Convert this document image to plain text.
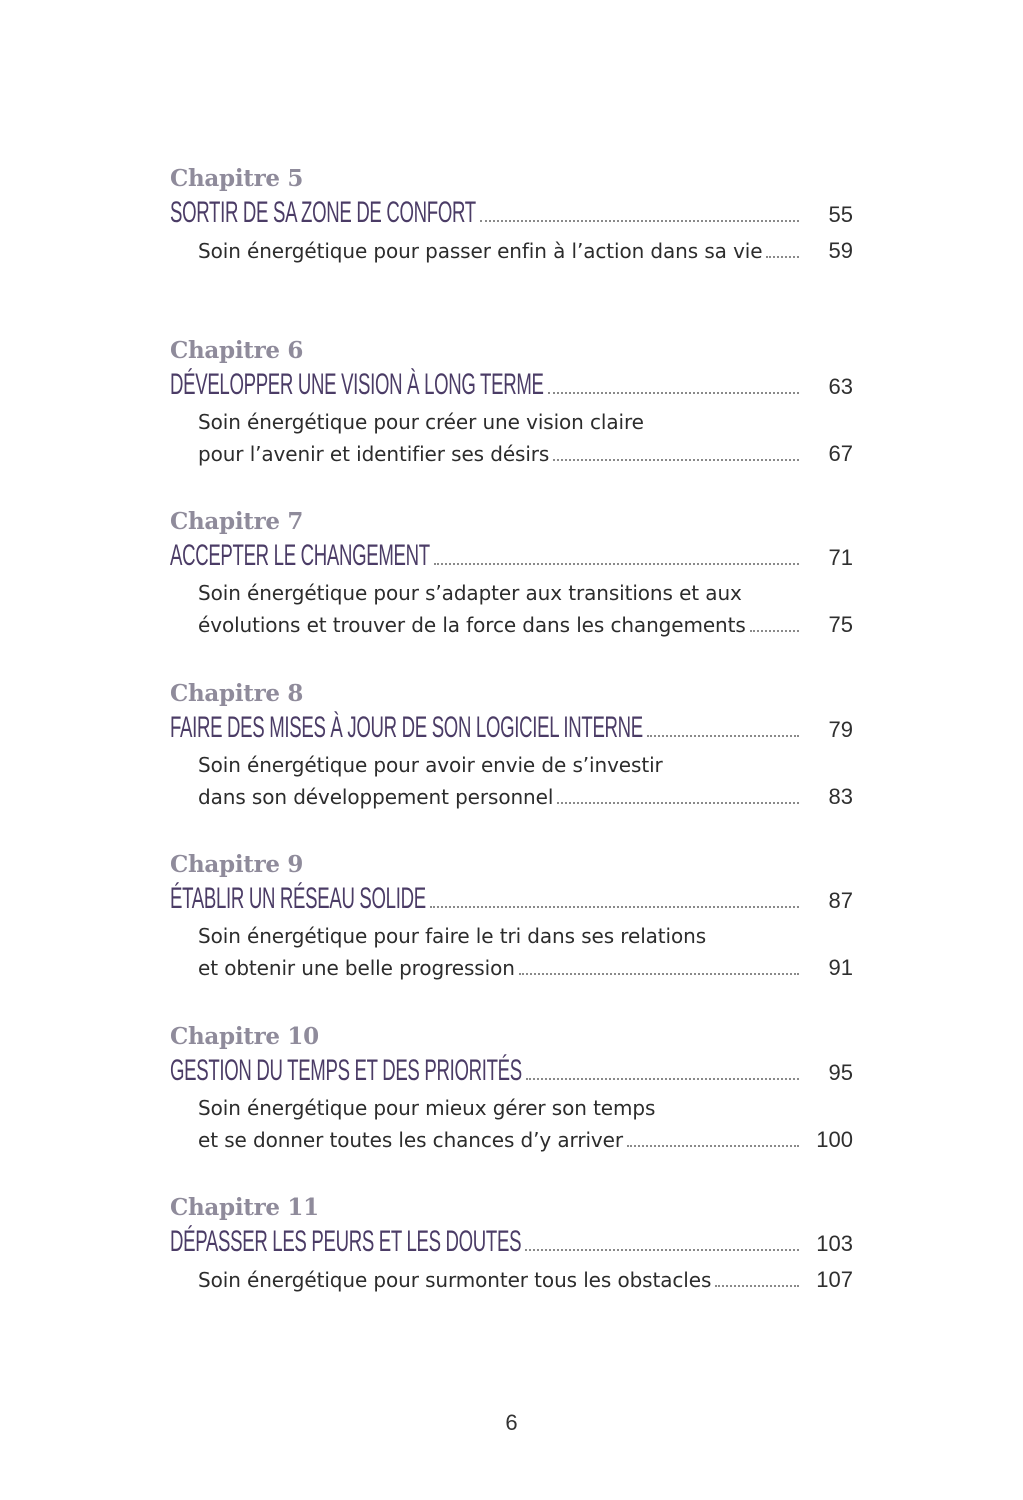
Chapitre 5
SORTIR DE SA ZONE DE CONFORT	55
Soin énergétique pour passer enfin à l’action dans sa vie	59
Chapitre 6
DÉVELOPPER UNE VISION À LONG TERME	63
Soin énergétique pour créer une vision claire
pour l’avenir et identifier ses désirs	67
Chapitre 7
ACCEPTER LE CHANGEMENT	71
Soin énergétique pour s’adapter aux transitions et aux
évolutions et trouver de la force dans les changements	75
Chapitre 8
FAIRE DES MISES À JOUR DE SON LOGICIEL INTERNE	79
Soin énergétique pour avoir envie de s’investir
dans son développement personnel	83
Chapitre 9
ÉTABLIR UN RÉSEAU SOLIDE	87
Soin énergétique pour faire le tri dans ses relations
et obtenir une belle progression	91
Chapitre 10
GESTION DU TEMPS ET DES PRIORITÉS	95
Soin énergétique pour mieux gérer son temps
et se donner toutes les chances d’y arriver	100
Chapitre 11
DÉPASSER LES PEURS ET LES DOUTES	103
Soin énergétique pour surmonter tous les obstacles	107
6
